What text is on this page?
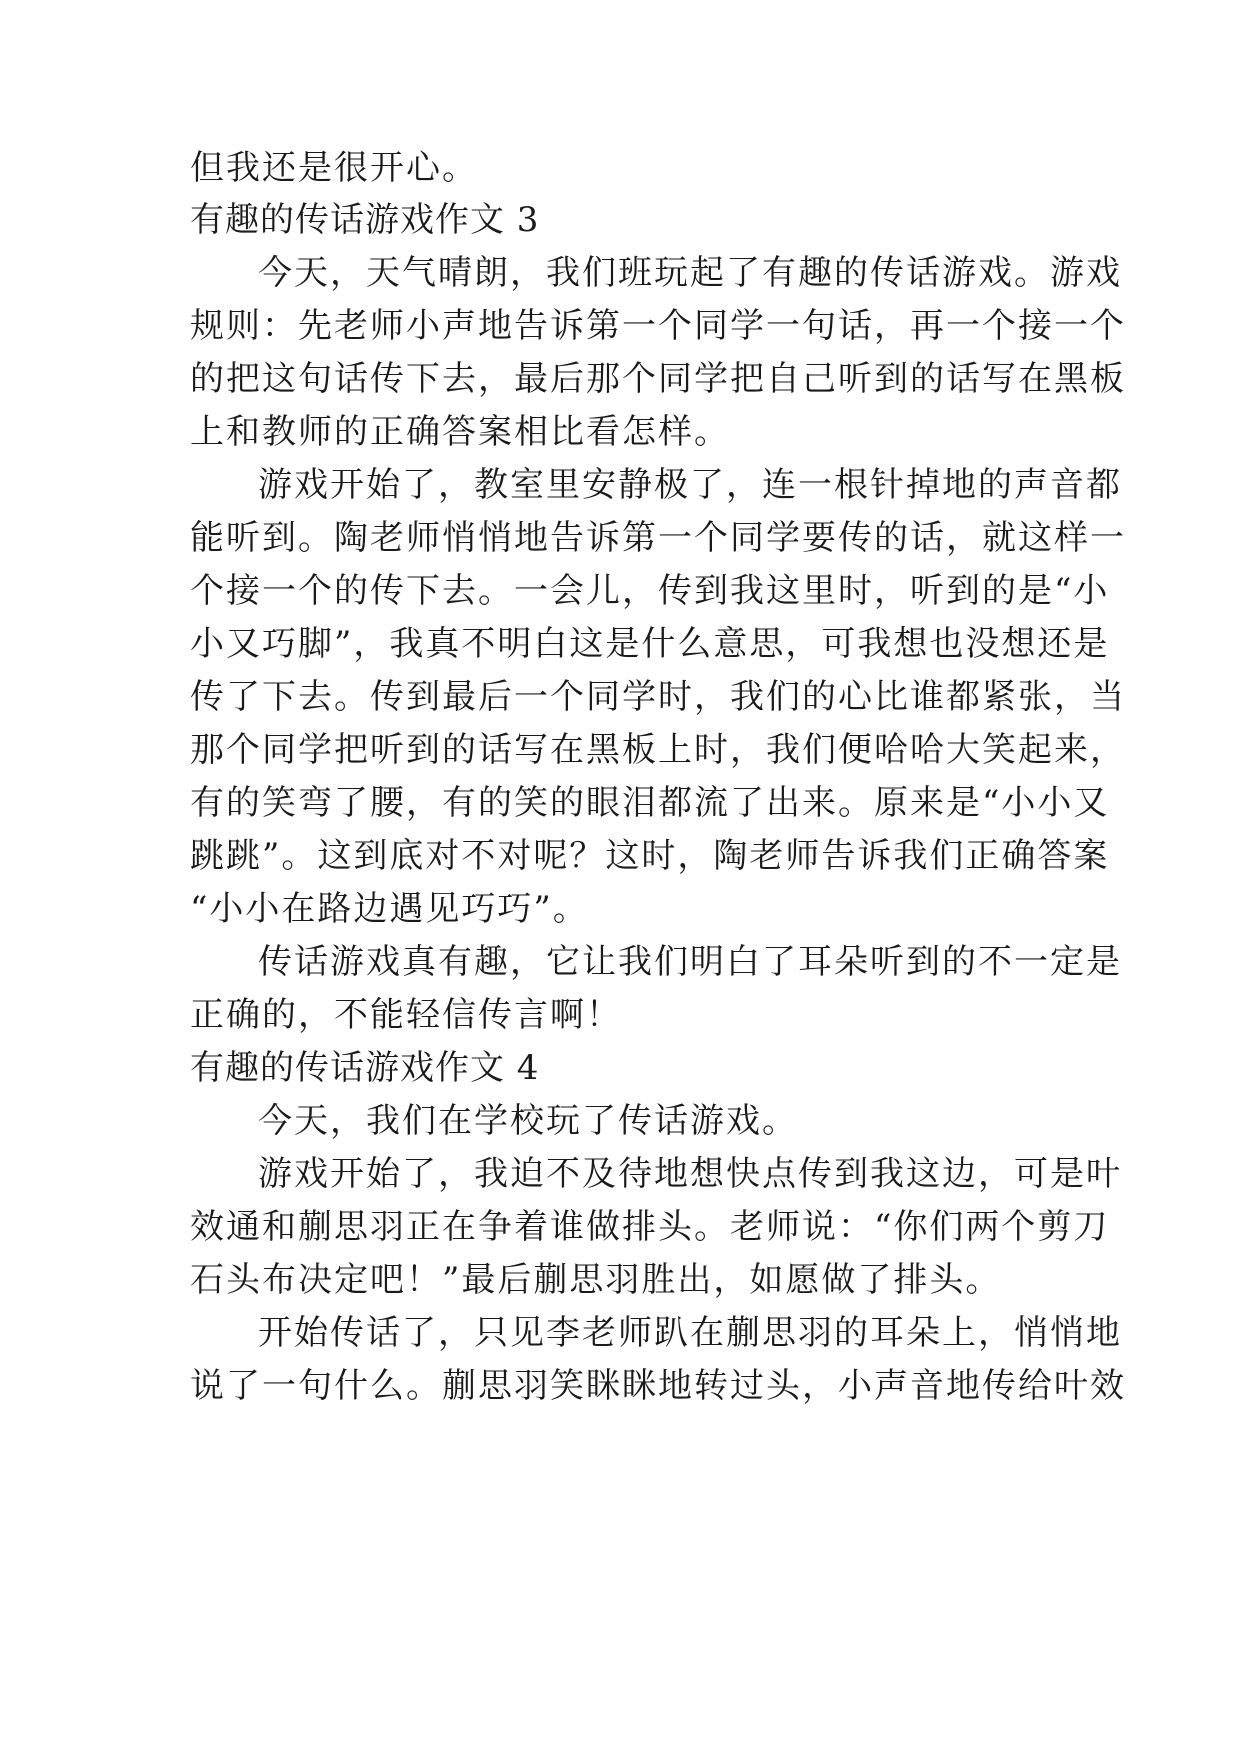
但我还是很开心。
有趣的传话游戏作文 3
今天，天气晴朗，我们班玩起了有趣的传话游戏。游戏
规则：先老师小声地告诉第一个同学一句话，再一个接一个
的把这句话传下去，最后那个同学把自己听到的话写在黑板
上和教师的正确答案相比看怎样。
游戏开始了，教室里安静极了，连一根针掉地的声音都
能听到。陶老师悄悄地告诉第一个同学要传的话，就这样一
个接一个的传下去。一会儿，传到我这里时，听到的是“小
小又巧脚”，我真不明白这是什么意思，可我想也没想还是
传了下去。传到最后一个同学时，我们的心比谁都紧张，当
那个同学把听到的话写在黑板上时，我们便哈哈大笑起来，
有的笑弯了腰，有的笑的眼泪都流了出来。原来是“小小又
跳跳”。这到底对不对呢？这时，陶老师告诉我们正确答案
“小小在路边遇见巧巧”。
传话游戏真有趣，它让我们明白了耳朵听到的不一定是
正确的，不能轻信传言啊！
有趣的传话游戏作文 4
今天，我们在学校玩了传话游戏。
游戏开始了，我迫不及待地想快点传到我这边，可是叶
效通和蒯思羽正在争着谁做排头。老师说：“你们两个剪刀
石头布决定吧！”最后蒯思羽胜出，如愿做了排头。
开始传话了，只见李老师趴在蒯思羽的耳朵上，悄悄地
说了一句什么。蒯思羽笑眯眯地转过头，小声音地传给叶效
